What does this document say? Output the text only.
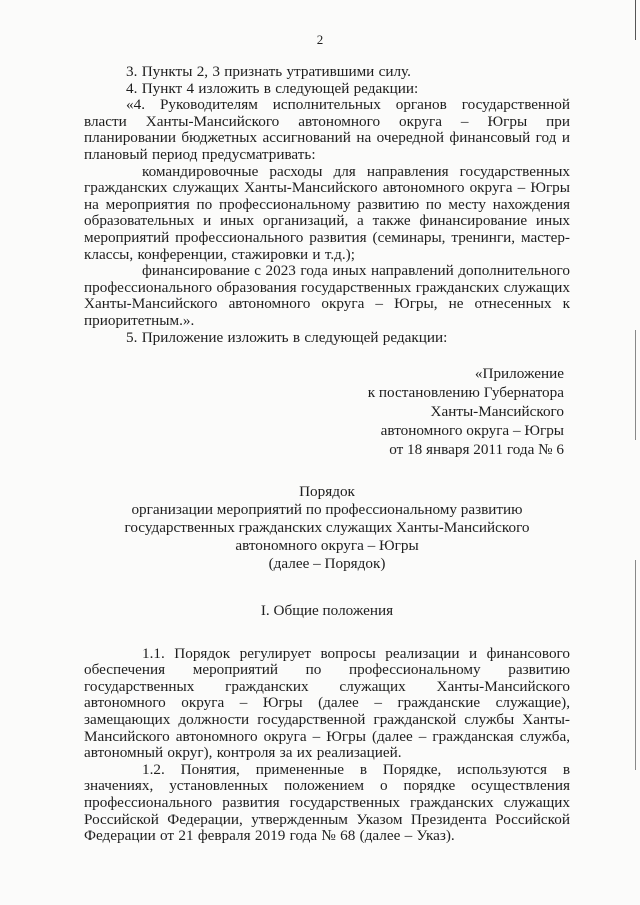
2

3. Пункты 2, 3 признать утратившими силу.

4. Пункт 4 изложить в следующей редакции:

«4. Руководителям исполнительных органов государственной власти Ханты-Мансийского автономного округа – Югры при планировании бюджетных ассигнований на очередной финансовый год и плановый период предусматривать:

командировочные расходы для направления государственных гражданских служащих Ханты-Мансийского автономного округа – Югры на мероприятия по профессиональному развитию по месту нахождения образовательных и иных организаций, а также финансирование иных мероприятий профессионального развития (семинары, тренинги, мастер-классы, конференции, стажировки и т.д.);

финансирование с 2023 года иных направлений дополнительного профессионального образования государственных гражданских служащих Ханты-Мансийского автономного округа – Югры, не отнесенных к приоритетным.».

5. Приложение изложить в следующей редакции:

«Приложение
к постановлению Губернатора
Ханты-Мансийского
автономного округа – Югры
от 18 января 2011 года № 6
Порядок
организации мероприятий по профессиональному развитию
государственных гражданских служащих Ханты-Мансийского
автономного округа – Югры
(далее – Порядок)
I. Общие положения

1.1. Порядок регулирует вопросы реализации и финансового обеспечения мероприятий по профессиональному развитию государственных гражданских служащих Ханты-Мансийского автономного округа – Югры (далее – гражданские служащие), замещающих должности государственной гражданской службы Ханты-Мансийского автономного округа – Югры (далее – гражданская служба, автономный округ), контроля за их реализацией.

1.2. Понятия, примененные в Порядке, используются в значениях, установленных положением о порядке осуществления профессионального развития государственных гражданских служащих Российской Федерации, утвержденным Указом Президента Российской Федерации от 21 февраля 2019 года № 68 (далее – Указ).
